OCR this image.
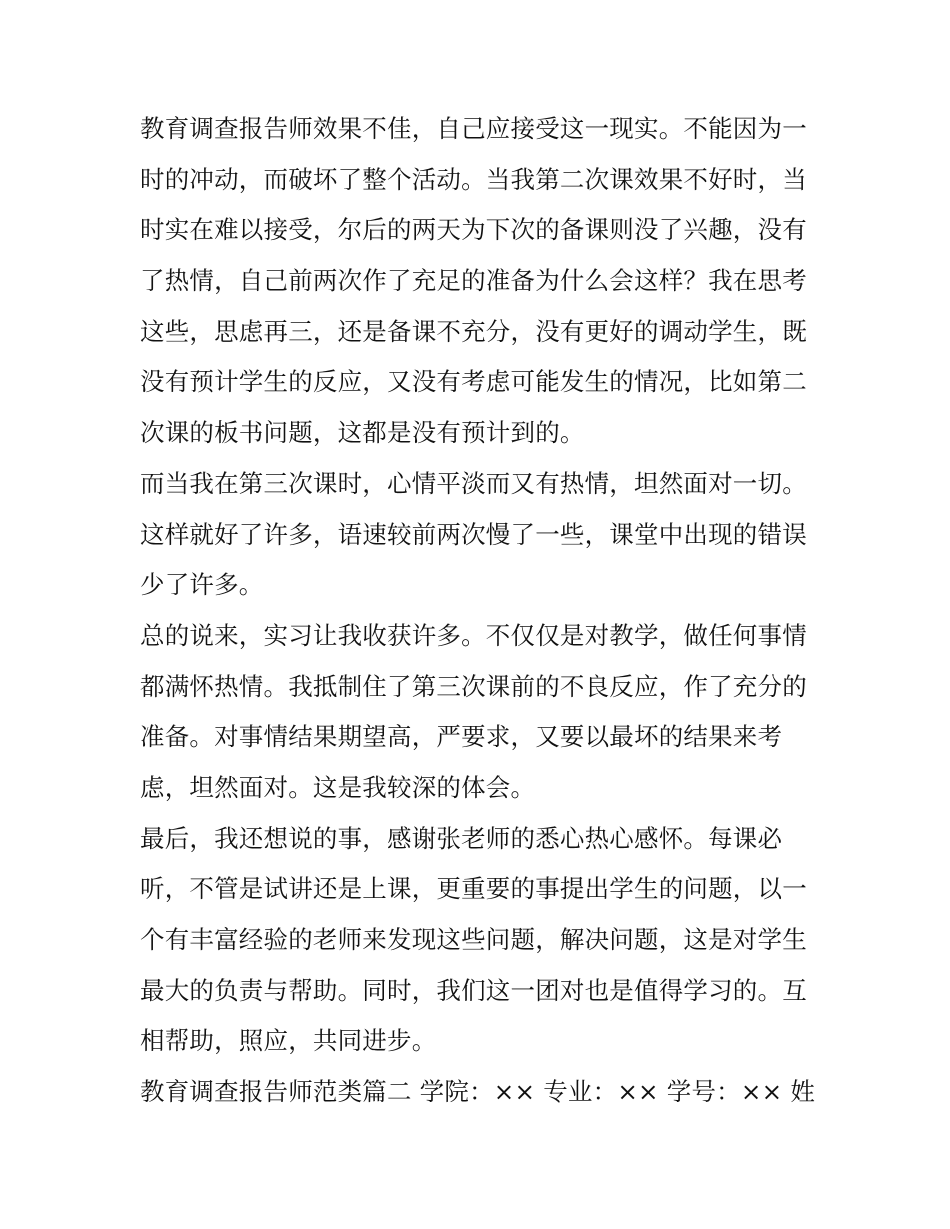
教育调查报告师效果不佳，自己应接受这一现实。不能因为一
时的冲动，而破坏了整个活动。当我第二次课效果不好时，当
时实在难以接受，尔后的两天为下次的备课则没了兴趣，没有
了热情，自己前两次作了充足的准备为什么会这样？我在思考
这些，思虑再三，还是备课不充分，没有更好的调动学生，既
没有预计学生的反应，又没有考虑可能发生的情况，比如第二
次课的板书问题，这都是没有预计到的。
而当我在第三次课时，心情平淡而又有热情，坦然面对一切。
这样就好了许多，语速较前两次慢了一些，课堂中出现的错误
少了许多。
总的说来，实习让我收获许多。不仅仅是对教学，做任何事情
都满怀热情。我抵制住了第三次课前的不良反应，作了充分的
准备。对事情结果期望高，严要求，又要以最坏的结果来考
虑，坦然面对。这是我较深的体会。
最后，我还想说的事，感谢张老师的悉心热心感怀。每课必
听，不管是试讲还是上课，更重要的事提出学生的问题，以一
个有丰富经验的老师来发现这些问题，解决问题，这是对学生
最大的负责与帮助。同时，我们这一团对也是值得学习的。互
相帮助，照应，共同进步。
教育调查报告师范类篇二 学院：×× 专业：×× 学号：×× 姓
